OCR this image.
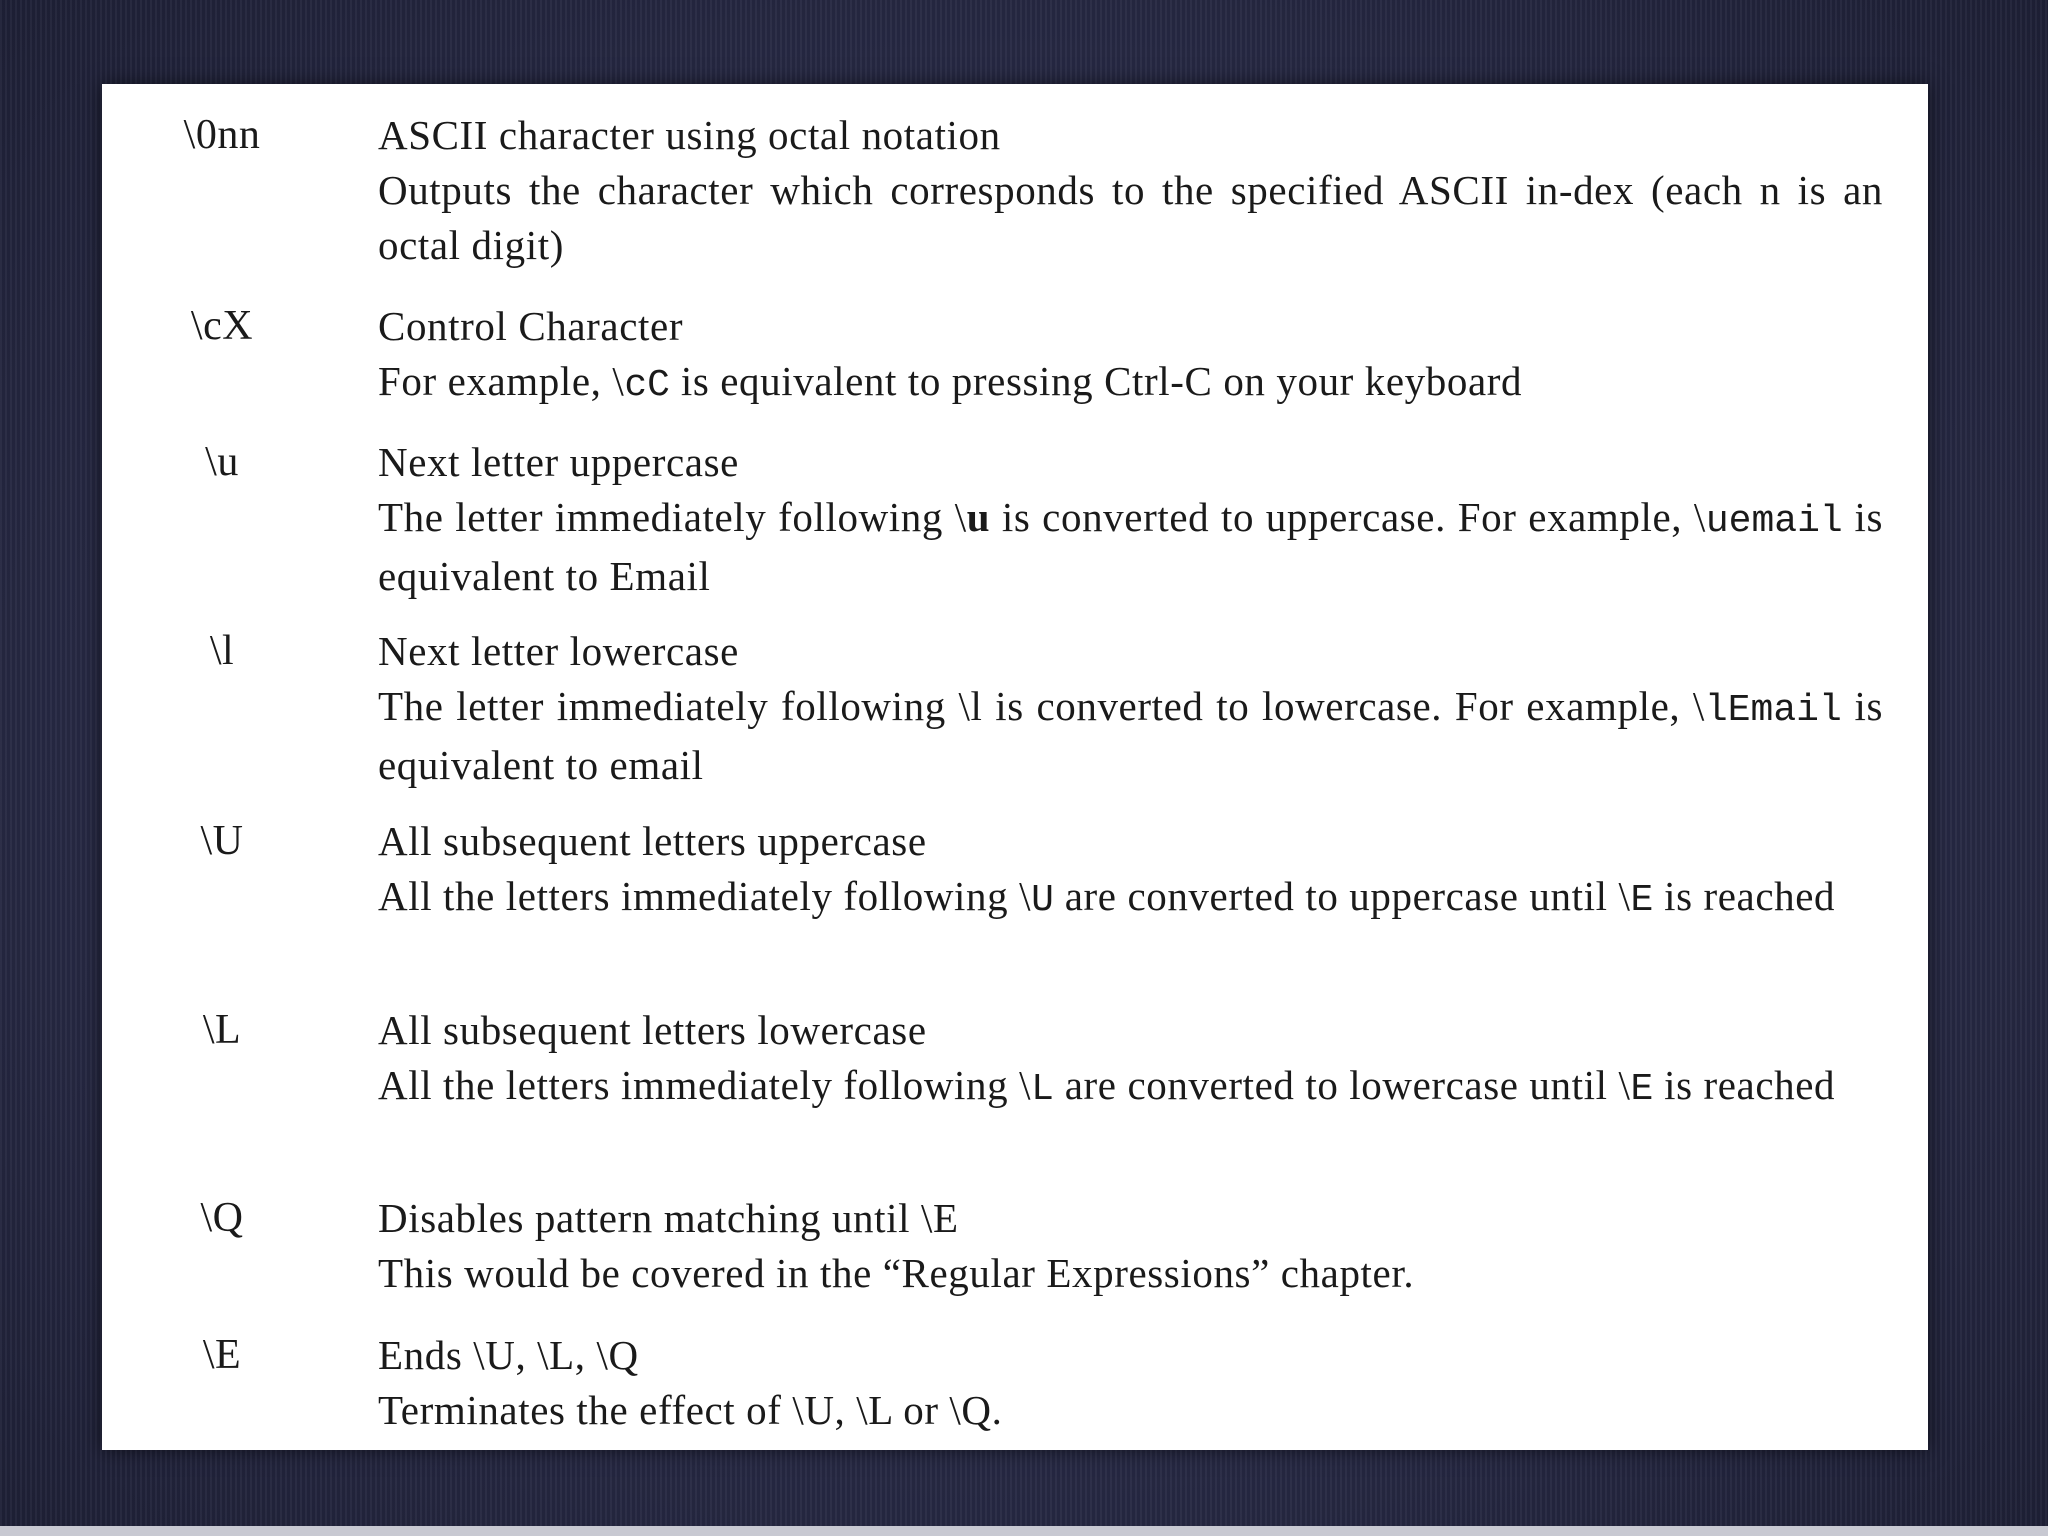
\0nn	ASCII character using octal notation
Outputs the character which corresponds to the specified ASCII in-dex (each n is an octal digit)
\cX	Control Character
For example, \cC is equivalent to pressing Ctrl-C on your keyboard
\u	Next letter uppercase
The letter immediately following \u is converted to uppercase. For example, \uemail is equivalent to Email
\l	Next letter lowercase
The letter immediately following \l is converted to lowercase. For example, \lEmail is equivalent to email
\U	All subsequent letters uppercase
All the letters immediately following \U are converted to uppercase until \E is reached
\L	All subsequent letters lowercase
All the letters immediately following \L are converted to lowercase until \E is reached
\Q	Disables pattern matching until \E
This would be covered in the “Regular Expressions” chapter.
\E	Ends \U, \L, \Q
Terminates the effect of \U, \L or \Q.
